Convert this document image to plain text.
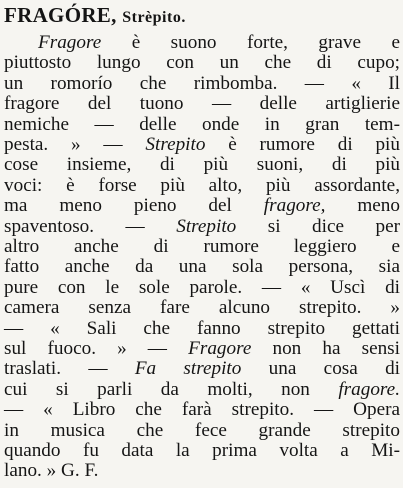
FRAGÓRE, Strèpito.
Fragore è suono forte, grave e
piuttosto lungo con un che di cupo;
un romorío che rimbomba. — « Il
fragore del tuono — delle artiglierie
nemiche — delle onde in gran tem-
pesta. » — Strepito è rumore di più
cose insieme, di più suoni, di più
voci: è forse più alto, più assordante,
ma meno pieno del fragore, meno
spaventoso. — Strepito si dice per
altro anche di rumore leggiero e
fatto anche da una sola persona, sia
pure con le sole parole. — « Uscì di
camera senza fare alcuno strepito. »
— « Sali che fanno strepito gettati
sul fuoco. » — Fragore non ha sensi
traslati. — Fa strepito una cosa di
cui si parli da molti, non fragore.
— « Libro che farà strepito. — Opera
in musica che fece grande strepito
quando fu data la prima volta a Mi-
lano. » G. F.
